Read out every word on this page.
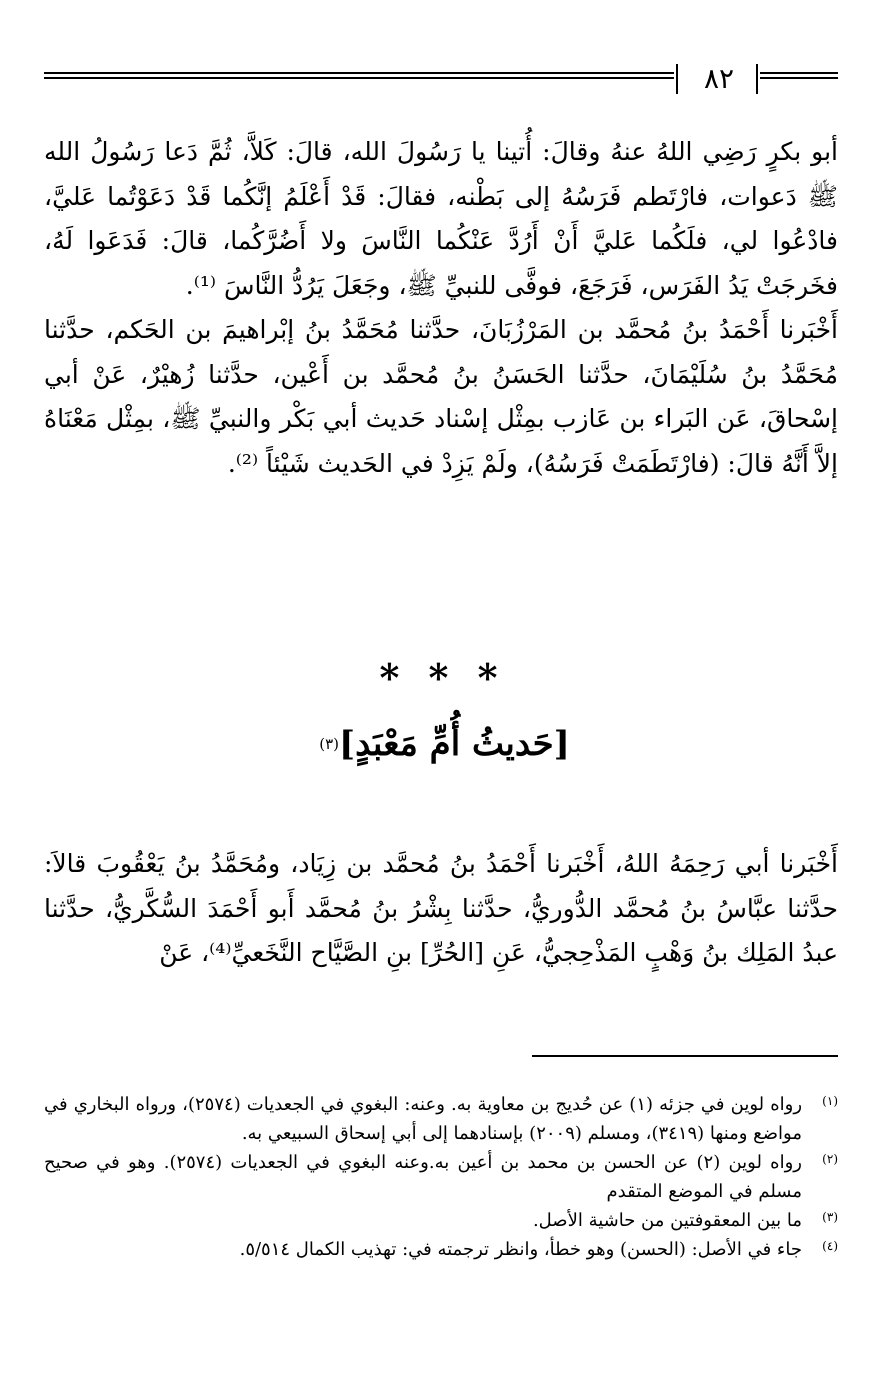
٨٢

أبو بكرٍ رَضِي اللهُ عنهُ وقالَ: أُتينا يا رَسُولَ الله، قالَ: كَلاَّ، ثُمَّ دَعا رَسُولُ الله ﷺ دَعوات، فارْتَطم فَرَسُهُ إلى بَطْنه، فقالَ: قَدْ أَعْلَمُ إنَّكُما قَدْ دَعَوْتُما عَليَّ، فادْعُوا لي، فلَكُما عَليَّ أَنْ أَرُدَّ عَنْكُما النَّاسَ ولا أَضُرَّكُما، قالَ: فَدَعَوا لَهُ، فخَرجَتْ يَدُ الفَرَس، فَرَجَعَ، فوفَّى للنبيِّ ﷺ، وجَعَلَ يَرُدُّ النَّاسَ ⁽¹⁾.

أَخْبَرنا أَحْمَدُ بنُ مُحمَّد بن المَرْزُبَانَ، حدَّثنا مُحَمَّدُ بنُ إبْراهيمَ بن الحَكم، حدَّثنا مُحَمَّدُ بنُ سُلَيْمَانَ، حدَّثنا الحَسَنُ بنُ مُحمَّد بن أَعْين، حدَّثنا زُهيْرٌ، عَنْ أبي إسْحاقَ، عَن البَراء بن عَازب بمِثْل إسْناد حَديث أبي بَكْر والنبيِّ ﷺ، بمِثْل مَعْنَاهُ إلاَّ أَنَّهُ قالَ: (فارْتَطَمَتْ فَرَسُهُ)، ولَمْ يَزِدْ في الحَديث شَيْئاً ⁽²⁾.

* * *
[حَديثُ أُمِّ مَعْبَدٍ]$^{(٣)}$

أَخْبَرنا أبي رَحِمَهُ اللهُ، أَخْبَرنا أَحْمَدُ بنُ مُحمَّد بن زِيَاد، ومُحَمَّدُ بنُ يَعْقُوبَ قالاَ: حدَّثنا عبَّاسُ بنُ مُحمَّد الدُّوريُّ، حدَّثنا بِشْرُ بنُ مُحمَّد أَبو أَحْمَدَ السُّكَّريُّ، حدَّثنا عبدُ المَلِك بنُ وَهْبٍ المَذْحِجيُّ، عَنِ [الحُرِّ] بنِ الصَّيَّاح النَّخَعيِّ⁽⁴⁾، عَنْ

(١)
رواه لوين في جزئه (١) عن حُديج بن معاوية به. وعنه: البغوي في الجعديات (٢٥٧٤)، ورواه البخاري في مواضع ومنها (٣٤١٩)، ومسلم (٢٠٠٩) بإسنادهما إلى أبي إسحاق السبيعي به.
(٢)
رواه لوين (٢) عن الحسن بن محمد بن أعين به.وعنه البغوي في الجعديات (٢٥٧٤). وهو في صحيح مسلم في الموضع المتقدم
(٣)
ما بين المعقوفتين من حاشية الأصل.
(٤)
جاء في الأصل: (الحسن) وهو خطأ، وانظر ترجمته في: تهذيب الكمال ٥/٥١٤.
